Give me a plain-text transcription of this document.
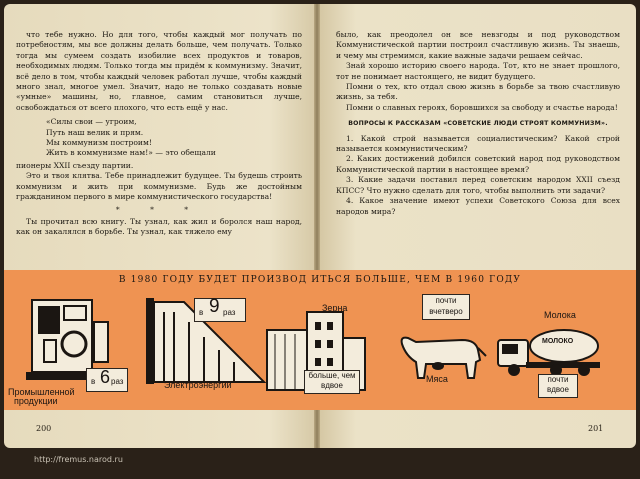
что тебе нужно. Но для того, чтобы каждый мог получать по потребностям, мы все должны делать больше, чем получать. Только тогда мы сумеем создать изобилие всех продуктов и товаров, необходимых людям. Только тогда мы придём к коммунизму. Значит, всё дело в том, чтобы каждый человек работал лучше, чтобы каждый много знал, многое умел. Значит, надо не только создавать новые «умные» машины, но, главное, самим становиться лучше, освобождаться от всего плохого, что есть ещё у нас.

«Силы свои — угроим,
Путь наш велик и прям.
Мы коммунизм построим!
Жить в коммунизме нам!» — это обещали

пионеры XXII съезду партии.

Это и твоя клятва. Тебе принадлежит будущее. Ты будешь строить коммунизм и жить при коммунизме. Будь же достойным гражданином первого в мире коммунистического государства!

* * *

Ты прочитал всю книгу. Ты узнал, как жил и боролся наш народ, как он закалялся в борьбе. Ты узнал, как тяжело ему

было, как преодолел он все невзгоды и под руководством Коммунистической партии построил счастливую жизнь. Ты знаешь, и чему мы стремимся, какие важные задачи решаем сейчас.

Знай хорошо историю своего народа. Тот, кто не знает прошлого, тот не понимает настоящего, не видит будущего.

Помни о тех, кто отдал свою жизнь в борьбе за твою счастливую жизнь, за тебя.

Помни о славных героях, боровшихся за свободу и счастье народа!

ВОПРОСЫ К РАССКАЗАМ «СОВЕТСКИЕ ЛЮДИ СТРОЯТ КОММУНИЗМ».

1. Какой строй называется социалистическим? Какой строй называется коммунистическим?

2. Каких достижений добился советский народ под руководством Коммунистической партии в настоящее время?

3. Какие задачи поставил перед советским народом XXII съезд КПСС? Что нужно сделать для того, чтобы выполнить эти задачи?

4. Какое значение имеют успехи Советского Союза для всех народов мира?

В 1980 ГОДУ БУДЕТ ПРОИЗВОД ИТЬСЯ БОЛЬШЕ, ЧЕМ В 1960 ГОДУ
в 6 раз
Промышленной
продукции
в 9 раз
Электроэнергии
Зерна
больше, чем
вдвое
почти
вчетверо
Мяса
Молока
МОЛОКО
почти
вдвое
200	201
http://fremus.narod.ru
